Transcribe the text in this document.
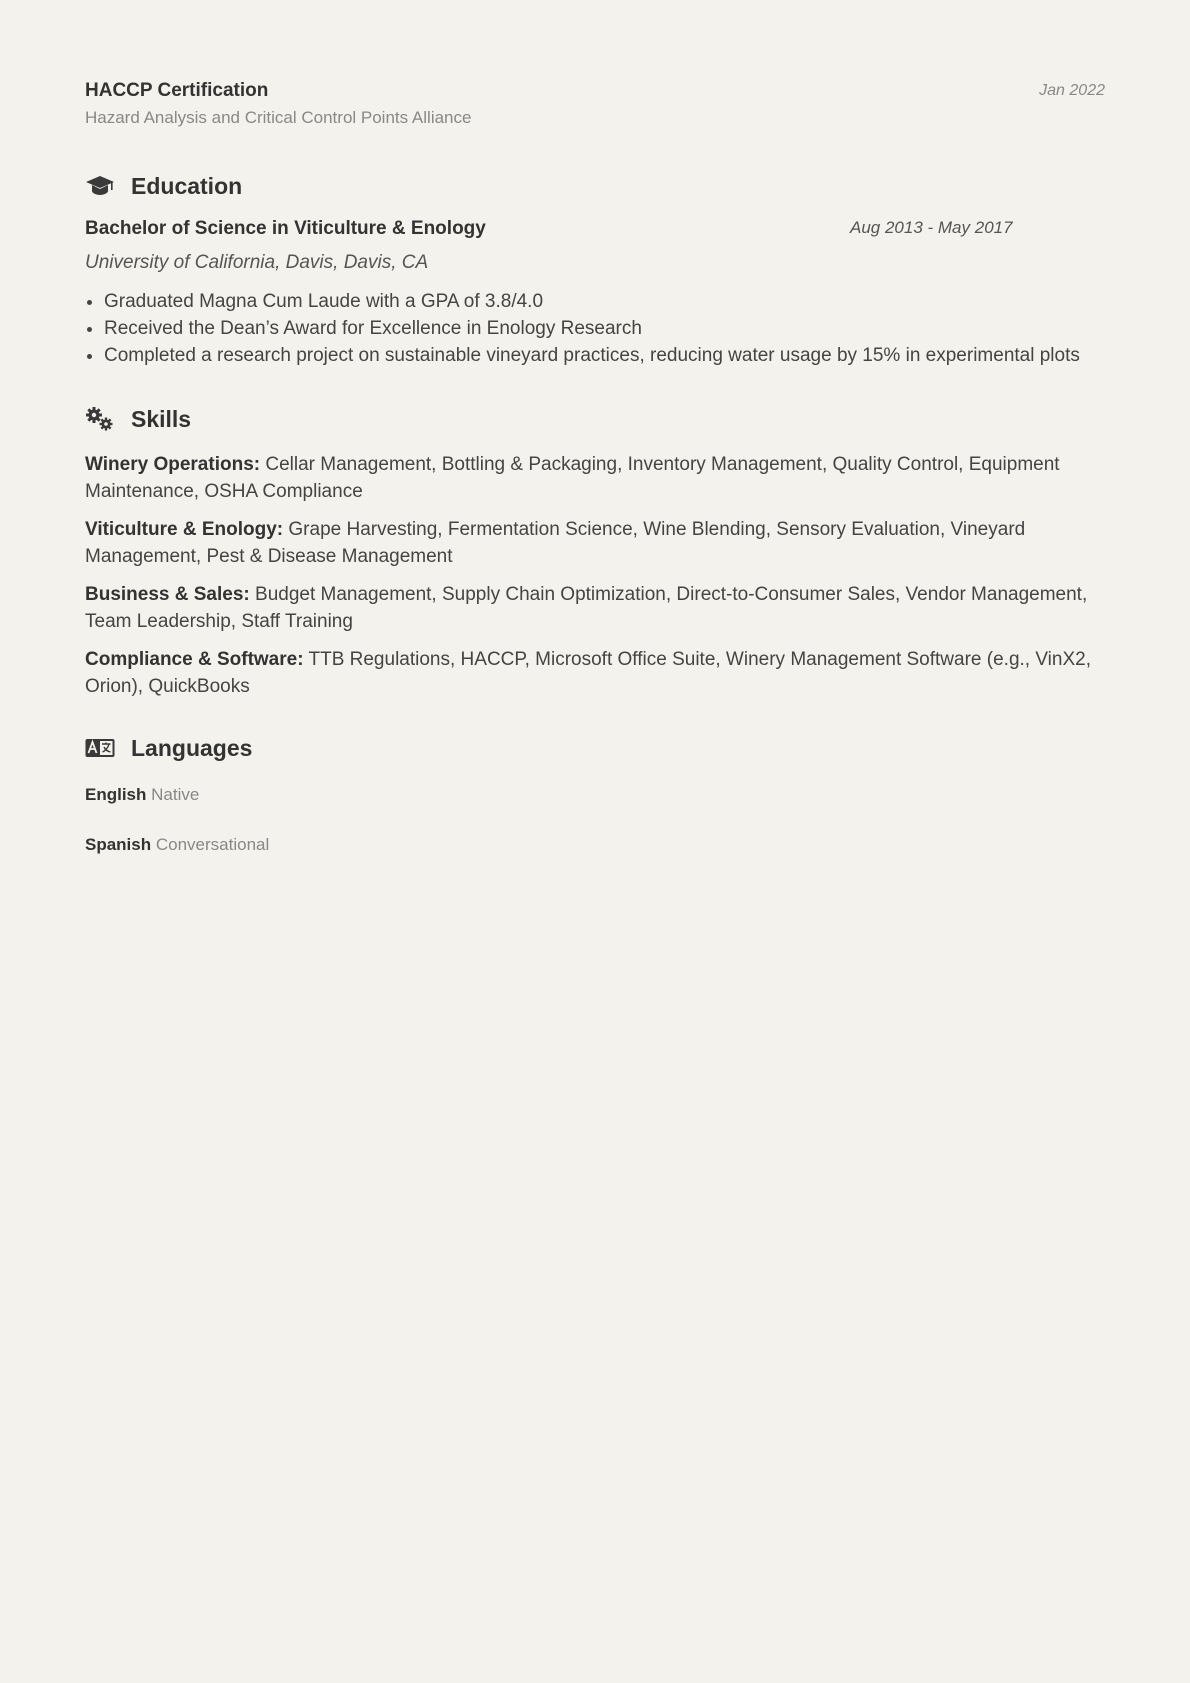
HACCP Certification
Hazard Analysis and Critical Control Points Alliance
Jan 2022
Education
Bachelor of Science in Viticulture & Enology	Aug 2013 - May 2017
University of California, Davis, Davis, CA
Graduated Magna Cum Laude with a GPA of 3.8/4.0
Received the Dean’s Award for Excellence in Enology Research
Completed a research project on sustainable vineyard practices, reducing water usage by 15% in experimental plots
Skills
Winery Operations: Cellar Management, Bottling & Packaging, Inventory Management, Quality Control, Equipment Maintenance, OSHA Compliance
Viticulture & Enology: Grape Harvesting, Fermentation Science, Wine Blending, Sensory Evaluation, Vineyard Management, Pest & Disease Management
Business & Sales: Budget Management, Supply Chain Optimization, Direct-to-Consumer Sales, Vendor Management, Team Leadership, Staff Training
Compliance & Software: TTB Regulations, HACCP, Microsoft Office Suite, Winery Management Software (e.g., VinX2, Orion), QuickBooks
Languages
English Native
Spanish Conversational
